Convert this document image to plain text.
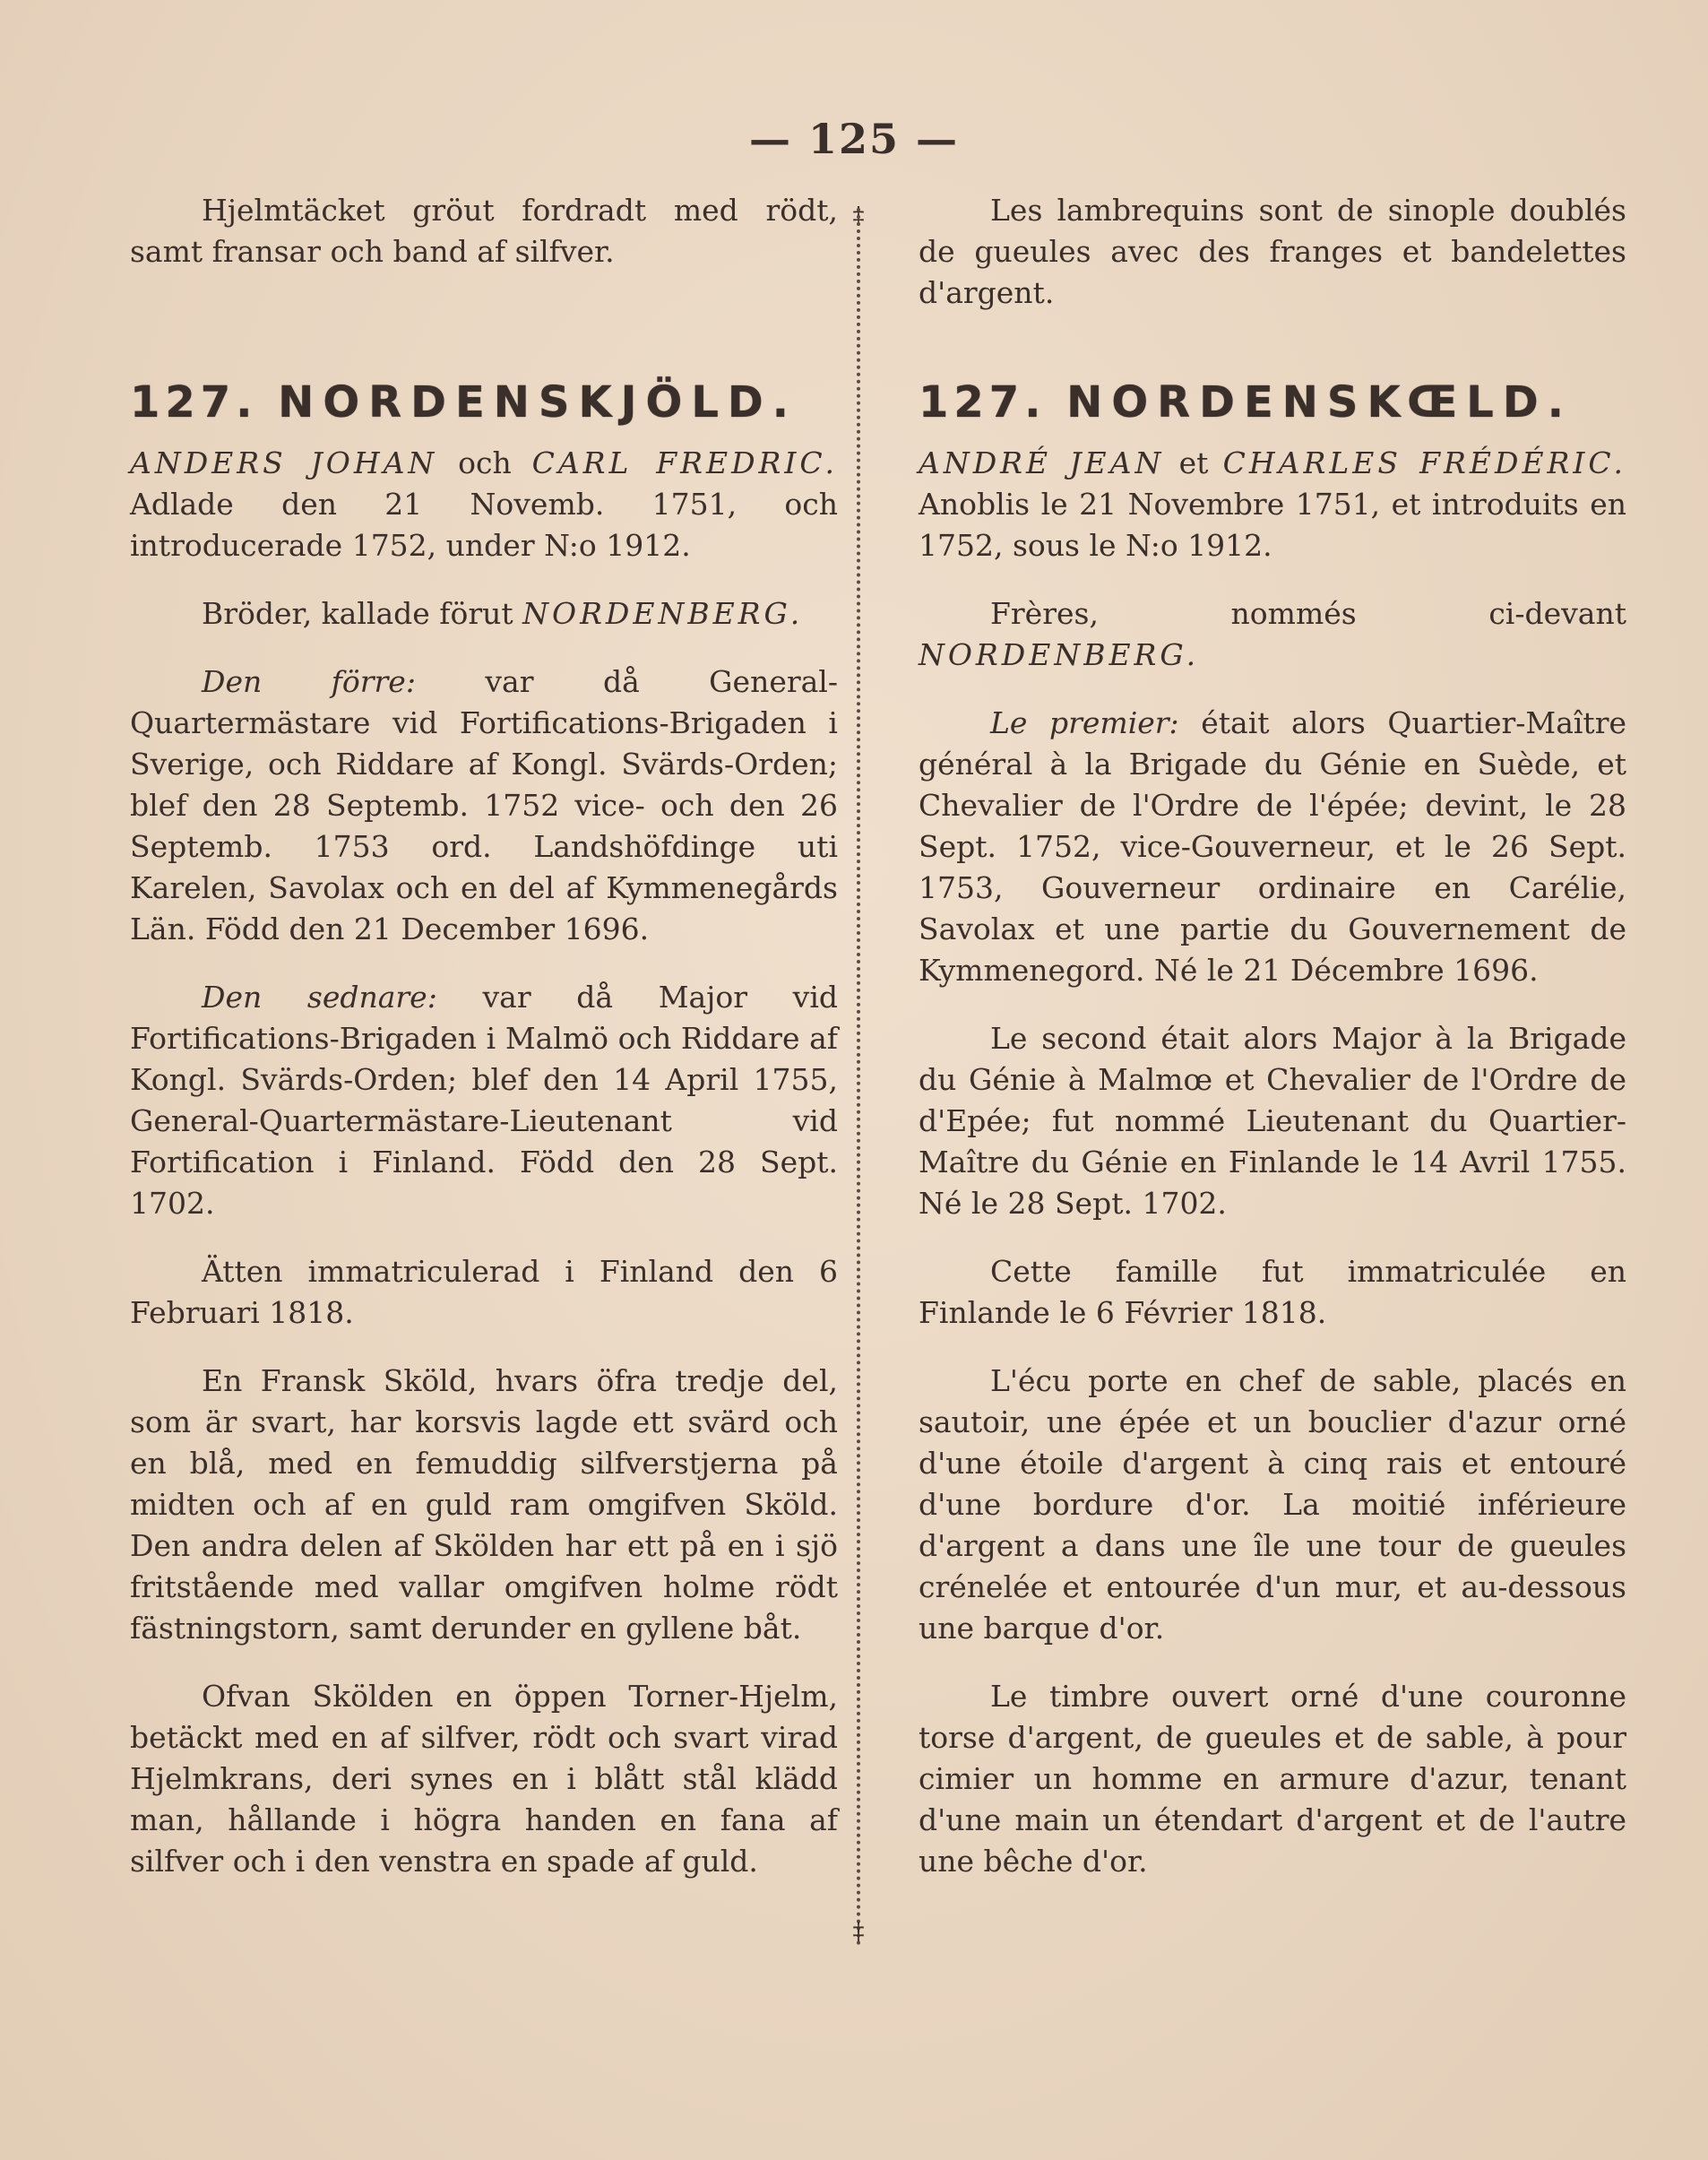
— 125 —

Hjelmtäcket gröut fordradt med rödt, samt fransar och band af silfver.

127. NORDENSKJÖLD.

ANDERS JOHAN och CARL FREDRIC. Adlade den 21 Novemb. 1751, och introducerade 1752, under N:o 1912.

Bröder, kallade förut NORDENBERG.

Den förre: var då General-Quartermästare vid Fortifications-Brigaden i Sverige, och Riddare af Kongl. Svärds-Orden; blef den 28 Septemb. 1752 vice- och den 26 Septemb. 1753 ord. Landshöfdinge uti Karelen, Savolax och en del af Kymmenegårds Län. Född den 21 December 1696.

Den sednare: var då Major vid Fortifications-Brigaden i Malmö och Riddare af Kongl. Svärds-Orden; blef den 14 April 1755, General-Quartermästare-Lieutenant vid Fortification i Finland. Född den 28 Sept. 1702.

Ätten immatriculerad i Finland den 6 Februari 1818.

En Fransk Sköld, hvars öfra tredje del, som är svart, har korsvis lagde ett svärd och en blå, med en femuddig silfverstjerna på midten och af en guld ram omgifven Sköld. Den andra delen af Skölden har ett på en i sjö fritstående med vallar omgifven holme rödt fästningstorn, samt derunder en gyllene båt.

Ofvan Skölden en öppen Torner-Hjelm, betäckt med en af silfver, rödt och svart virad Hjelmkrans, deri synes en i blått stål klädd man, hållande i högra handen en fana af silfver och i den venstra en spade af guld.

‡
‡

Les lambrequins sont de sinople doublés de gueules avec des franges et bandelettes d'argent.

127. NORDENSKŒLD.

ANDRÉ JEAN et CHARLES FRÉDÉRIC. Anoblis le 21 Novembre 1751, et introduits en 1752, sous le N:o 1912.

Frères, nommés ci-devant NORDENBERG.

Le premier: était alors Quartier-Maître général à la Brigade du Génie en Suède, et Chevalier de l'Ordre de l'épée; devint, le 28 Sept. 1752, vice-Gouverneur, et le 26 Sept. 1753, Gouverneur ordinaire en Carélie, Savolax et une partie du Gouvernement de Kymmenegord. Né le 21 Décembre 1696.

Le second était alors Major à la Brigade du Génie à Malmœ et Chevalier de l'Ordre de d'Epée; fut nommé Lieutenant du Quartier-Maître du Génie en Finlande le 14 Avril 1755. Né le 28 Sept. 1702.

Cette famille fut immatriculée en Finlande le 6 Février 1818.

L'écu porte en chef de sable, placés en sautoir, une épée et un bouclier d'azur orné d'une étoile d'argent à cinq rais et entouré d'une bordure d'or. La moitié inférieure d'argent a dans une île une tour de gueules crénelée et entourée d'un mur, et au-dessous une barque d'or.

Le timbre ouvert orné d'une couronne torse d'argent, de gueules et de sable, à pour cimier un homme en armure d'azur, tenant d'une main un étendart d'argent et de l'autre une bêche d'or.
